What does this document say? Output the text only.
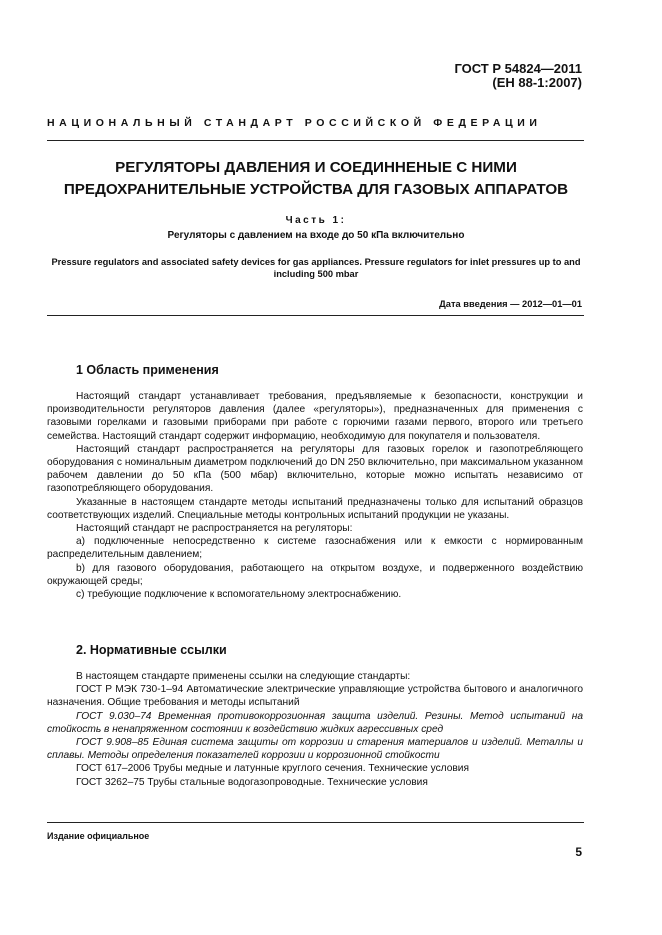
ГОСТ Р 54824—2011
(ЕН 88-1:2007)
НАЦИОНАЛЬНЫЙ СТАНДАРТ РОССИЙСКОЙ ФЕДЕРАЦИИ
РЕГУЛЯТОРЫ ДАВЛЕНИЯ И СОЕДИННЕНЫЕ С НИМИ
ПРЕДОХРАНИТЕЛЬНЫЕ УСТРОЙСТВА ДЛЯ ГАЗОВЫХ АППАРАТОВ
Часть 1:
Регуляторы с давлением на входе до 50 кПа включительно
Pressure regulators and associated safety devices for gas appliances. Pressure regulators for inlet pressures up to and including 500 mbar
Дата введения — 2012—01—01
1 Область применения

Настоящий стандарт устанавливает требования, предъявляемые к безопасности, конструкции и производительности регуляторов давления (далее «регуляторы»), предназначенных для применения с газовыми горелками и газовыми приборами при работе с горючими газами первого, второго или третьего семейства. Настоящий стандарт содержит информацию, необходимую для покупателя и пользователя.

Настоящий стандарт распространяется на регуляторы для газовых горелок и газопотребляющего оборудования с номинальным диаметром подключений до DN 250 включительно, при максимальном указанном рабочем давлении до 50 кПа (500 мбар) включительно, которые можно испытать независимо от газопотребляющего оборудования.

Указанные в настоящем стандарте методы испытаний предназначены только для испытаний образцов соответствующих изделий. Специальные методы контрольных испытаний продукции не указаны.

Настоящий стандарт не распространяется на регуляторы:

а) подключенные непосредственно к системе газоснабжения или к емкости с нормированным распределительным давлением;

b) для газового оборудования, работающего на открытом воздухе, и подверженного воздействию окружающей среды;

с) требующие подключение к вспомогательному электроснабжению.

2. Нормативные ссылки

В настоящем стандарте применены ссылки на следующие стандарты:

ГОСТ Р МЭК 730-1–94 Автоматические электрические управляющие устройства бытового и аналогичного назначения. Общие требования и методы испытаний

ГОСТ 9.030–74 Временная противокоррозионная защита изделий. Резины. Метод испытаний на стойкость в ненапряженном состоянии к воздействию жидких агрессивных сред

ГОСТ 9.908–85 Единая система защиты от коррозии и старения материалов и изделий. Металлы и сплавы. Методы определения показателей коррозии и коррозионной стойкости

ГОСТ 617–2006 Трубы медные и латунные круглого сечения. Технические условия

ГОСТ 3262–75 Трубы стальные водогазопроводные. Технические условия

Издание официальное
5
